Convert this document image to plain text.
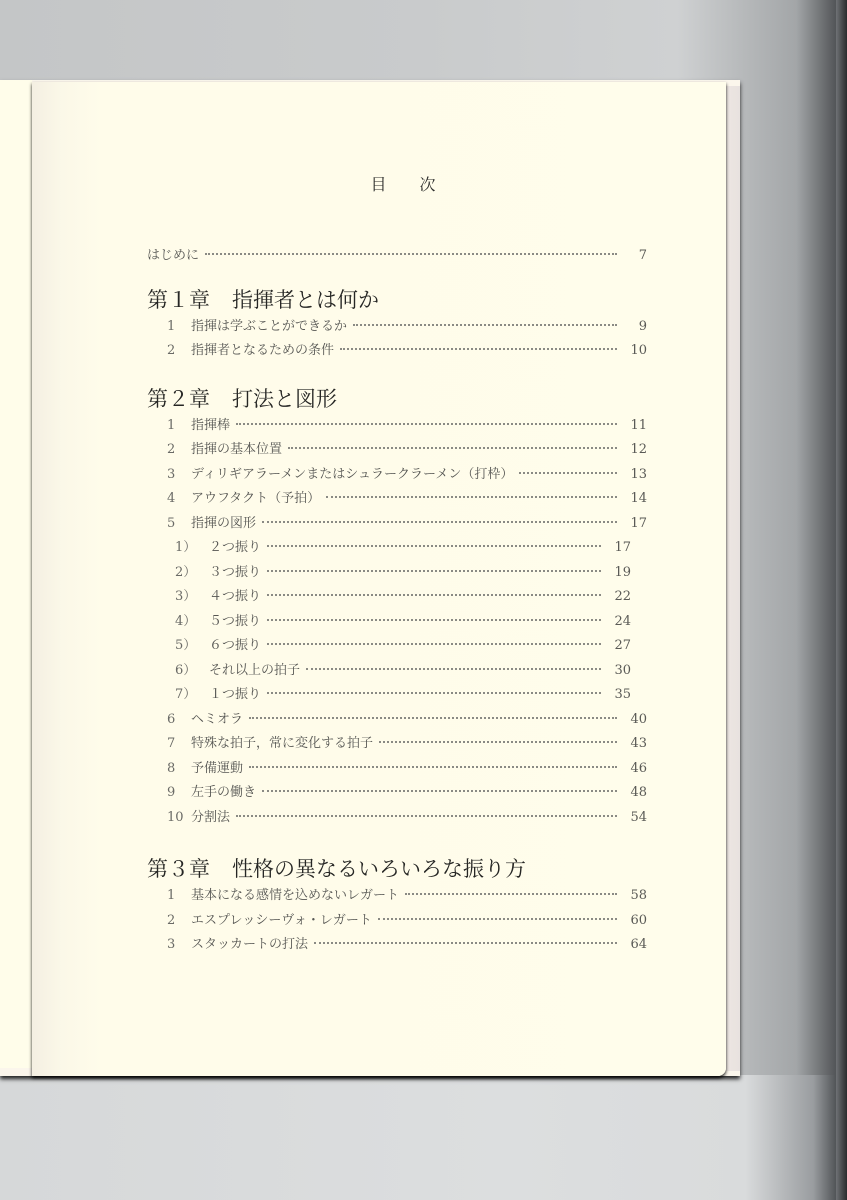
目 次
はじめに	7
第１章 指揮者とは何か
1	指揮は学ぶことができるか	9
2	指揮者となるための条件	10
第２章 打法と図形
1	指揮棒	11
2	指揮の基本位置	12
3	ディリギアラーメンまたはシュラークラーメン（打枠）	13
4	アウフタクト（予拍）	14
5	指揮の図形	17
1） ２つ振り	17
2） ３つ振り	19
3） ４つ振り	22
4） ５つ振り	24
5） ６つ振り	27
6） それ以上の拍子	30
7） １つ振り	35
6	ヘミオラ	40
7	特殊な拍子，常に変化する拍子	43
8	予備運動	46
9	左手の働き	48
10 分割法	54
第３章 性格の異なるいろいろな振り方
1	基本になる感情を込めないレガート	58
2	エスプレッシーヴォ・レガート	60
3	スタッカートの打法	64
